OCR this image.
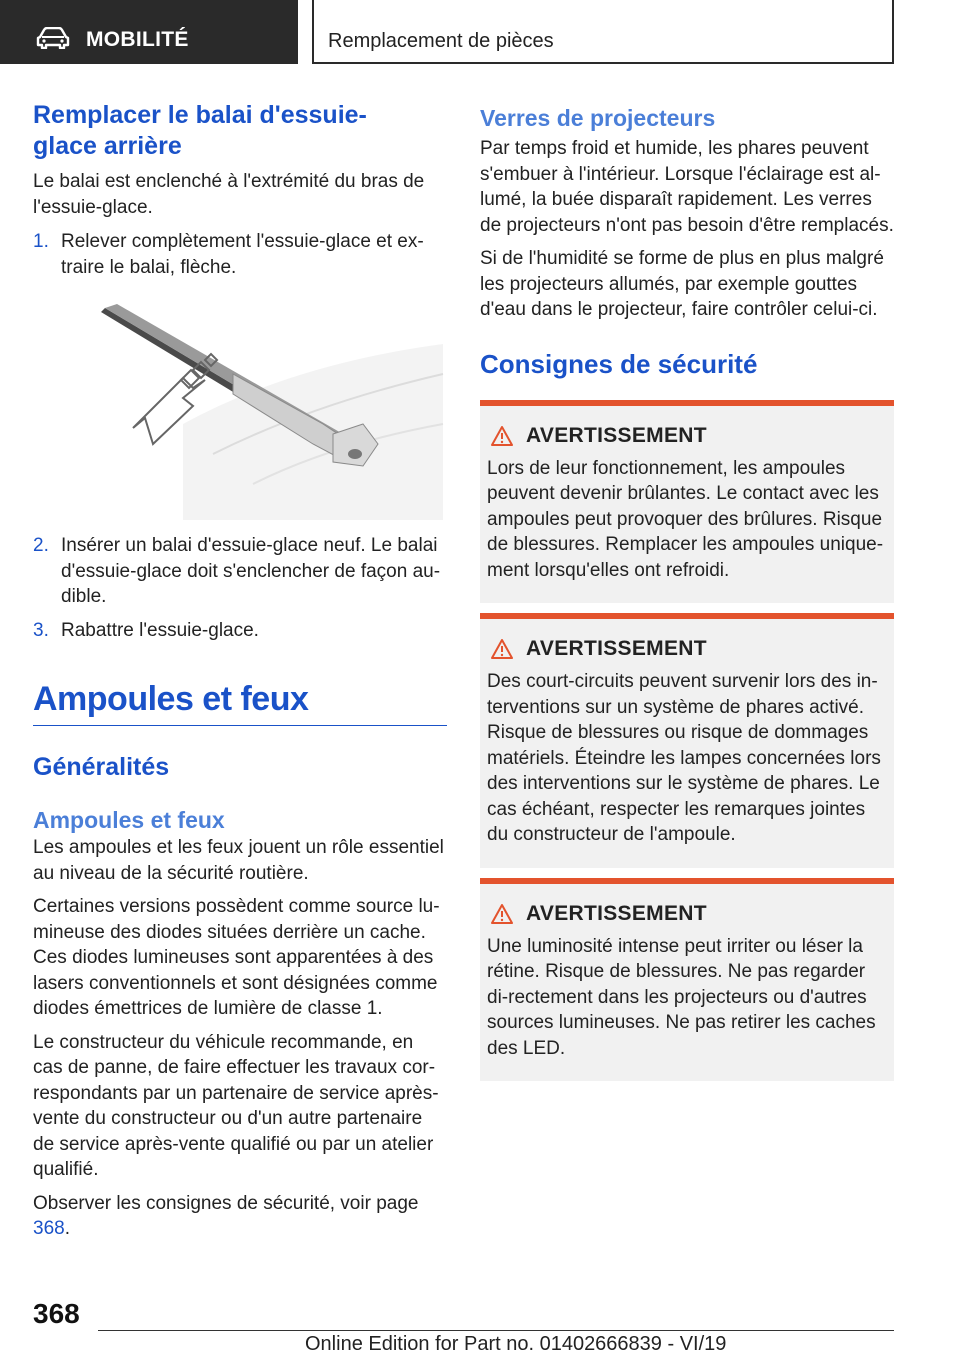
MOBILITÉ	Remplacement de pièces
Remplacer le balai d'essuie-
glace arrière

Le balai est enclenché à l'extrémité du bras de l'essuie-glace.

1. Relever complètement l'essuie-glace et ex-traire le balai, flèche.
2. Insérer un balai d'essuie-glace neuf. Le balai d'essuie-glace doit s'enclencher de façon au-dible.
3. Rabattre l'essuie-glace.
Ampoules et feux
Généralités
Ampoules et feux

Les ampoules et les feux jouent un rôle essentiel au niveau de la sécurité routière.

Certaines versions possèdent comme source lu-mineuse des diodes situées derrière un cache. Ces diodes lumineuses sont apparentées à des lasers conventionnels et sont désignées comme diodes émettrices de lumière de classe 1.

Le constructeur du véhicule recommande, en cas de panne, de faire effectuer les travaux cor-respondants par un partenaire de service après-vente du constructeur ou d'un autre partenaire de service après-vente qualifié ou par un atelier qualifié.

Observer les consignes de sécurité, voir page 368.

Verres de projecteurs

Par temps froid et humide, les phares peuvent s'embuer à l'intérieur. Lorsque l'éclairage est al-lumé, la buée disparaît rapidement. Les verres de projecteurs n'ont pas besoin d'être remplacés.

Si de l'humidité se forme de plus en plus malgré les projecteurs allumés, par exemple gouttes d'eau dans le projecteur, faire contrôler celui-ci.

Consignes de sécurité
AVERTISSEMENT

Lors de leur fonctionnement, les ampoules peuvent devenir brûlantes. Le contact avec les ampoules peut provoquer des brûlures. Risque de blessures. Remplacer les ampoules unique-ment lorsqu'elles ont refroidi.

AVERTISSEMENT

Des court-circuits peuvent survenir lors des in-terventions sur un système de phares activé. Risque de blessures ou risque de dommages matériels. Éteindre les lampes concernées lors des interventions sur le système de phares. Le cas échéant, respecter les remarques jointes du constructeur de l'ampoule.

AVERTISSEMENT

Une luminosité intense peut irriter ou léser la rétine. Risque de blessures. Ne pas regarder di-rectement dans les projecteurs ou d'autres sources lumineuses. Ne pas retirer les caches des LED.

368
Online Edition for Part no. 01402666839 - VI/19
